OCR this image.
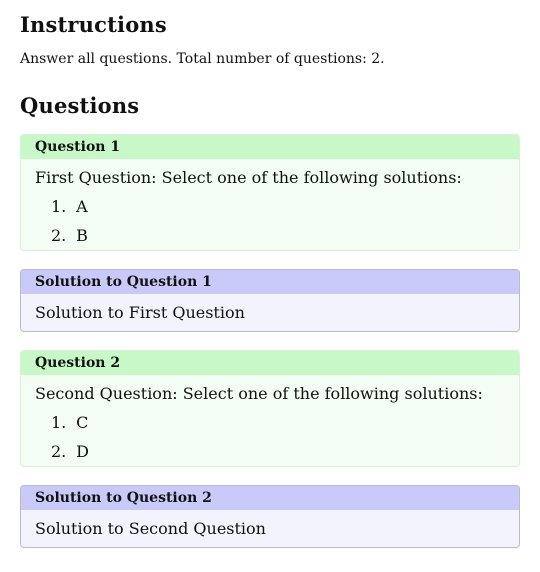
Instructions
Answer all questions. Total number of questions: 2.
Questions
Question 1
First Question: Select one of the following solutions:
1. A
2. B
Solution to Question 1
Solution to First Question
Question 2
Second Question: Select one of the following solutions:
1. C
2. D
Solution to Question 2
Solution to Second Question
